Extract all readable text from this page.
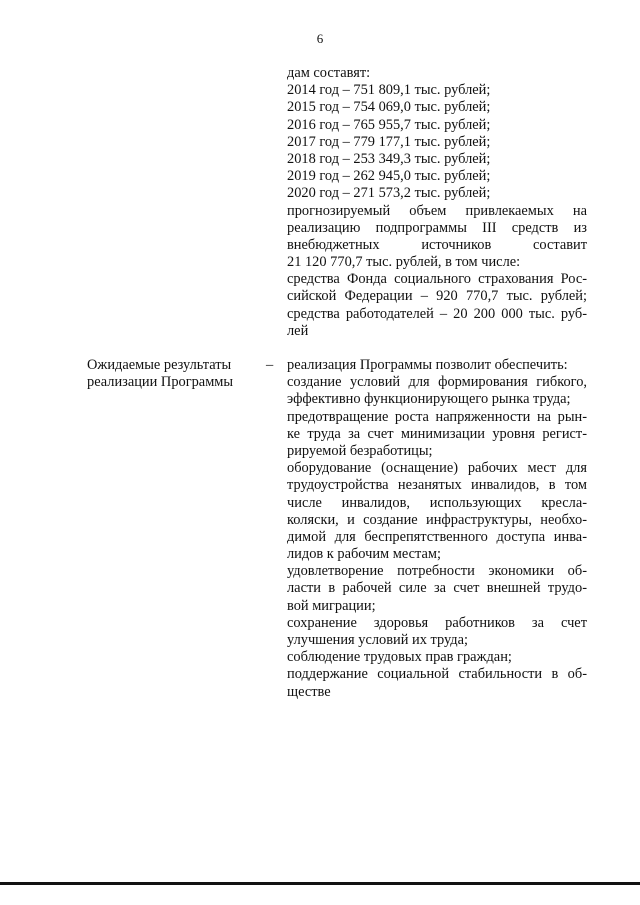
6
дам составят:
2014 год – 751 809,1 тыс. рублей;
2015 год – 754 069,0 тыс. рублей;
2016 год – 765 955,7 тыс. рублей;
2017 год – 779 177,1 тыс. рублей;
2018 год – 253 349,3 тыс. рублей;
2019 год – 262 945,0 тыс. рублей;
2020 год – 271 573,2 тыс. рублей;
прогнозируемый объем привлекаемых на
реализацию подпрограммы III средств из
внебюджетных источников составит
21 120 770,7 тыс. рублей, в том числе:
средства Фонда социального страхования Рос-
сийской Федерации – 920 770,7 тыс. рублей;
средства работодателей – 20 200 000 тыс. руб-
лей
Ожидаемые результаты
реализации Программы
– реализация Программы позволит обеспечить:
создание условий для формирования гибкого,
эффективно функционирующего рынка труда;
предотвращение роста напряженности на рын-
ке труда за счет минимизации уровня регист-
рируемой безработицы;
оборудование (оснащение) рабочих мест для
трудоустройства незанятых инвалидов, в том
числе инвалидов, использующих кресла-
коляски, и создание инфраструктуры, необхо-
димой для беспрепятственного доступа инва-
лидов к рабочим местам;
удовлетворение потребности экономики об-
ласти в рабочей силе за счет внешней трудо-
вой миграции;
сохранение здоровья работников за счет
улучшения условий их труда;
соблюдение трудовых прав граждан;
поддержание социальной стабильности в об-
ществе
